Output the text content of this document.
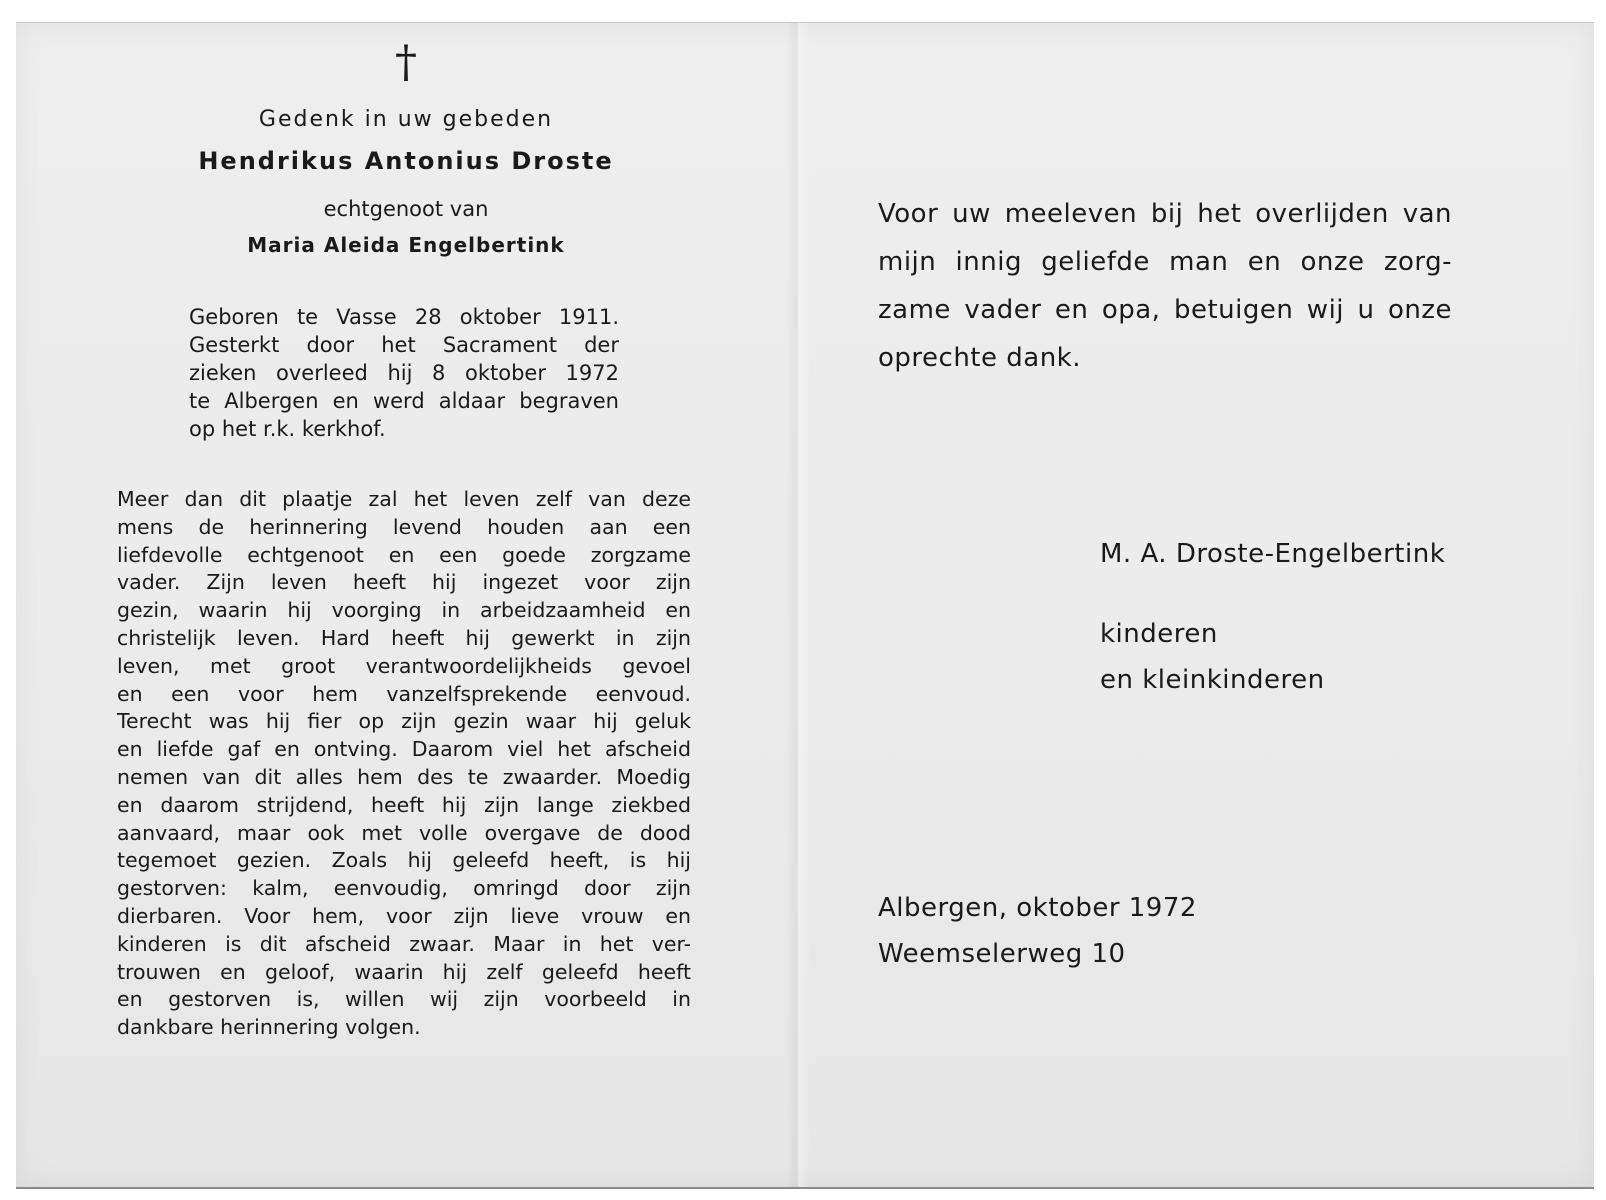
†
Gedenk in uw gebeden
Hendrikus Antonius Droste
echtgenoot van
Maria Aleida Engelbertink
Geboren te Vasse 28 oktober 1911.
Gesterkt door het Sacrament der
zieken overleed hij 8 oktober 1972
te Albergen en werd aldaar begraven
op het r.k. kerkhof.
Meer dan dit plaatje zal het leven zelf van deze
mens de herinnering levend houden aan een
liefdevolle echtgenoot en een goede zorgzame
vader. Zijn leven heeft hij ingezet voor zijn
gezin, waarin hij voorging in arbeidzaamheid en
christelijk leven. Hard heeft hij gewerkt in zijn
leven, met groot verantwoordelijkheids gevoel
en een voor hem vanzelfsprekende eenvoud.
Terecht was hij fier op zijn gezin waar hij geluk
en liefde gaf en ontving. Daarom viel het afscheid
nemen van dit alles hem des te zwaarder. Moedig
en daarom strijdend, heeft hij zijn lange ziekbed
aanvaard, maar ook met volle overgave de dood
tegemoet gezien. Zoals hij geleefd heeft, is hij
gestorven: kalm, eenvoudig, omringd door zijn
dierbaren. Voor hem, voor zijn lieve vrouw en
kinderen is dit afscheid zwaar. Maar in het ver-
trouwen en geloof, waarin hij zelf geleefd heeft
en gestorven is, willen wij zijn voorbeeld in
dankbare herinnering volgen.
Voor uw meeleven bij het overlijden van
mijn innig geliefde man en onze zorg-
zame vader en opa, betuigen wij u onze
oprechte dank.
M. A. Droste-Engelbertink
kinderen
en kleinkinderen
Albergen, oktober 1972
Weemselerweg 10
